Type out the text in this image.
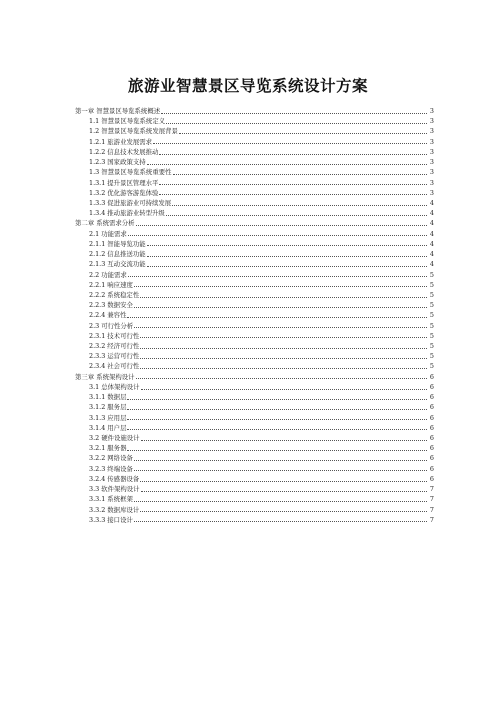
旅游业智慧景区导览系统设计方案
第一章 智慧景区导览系统概述	3
1.1 智慧景区导览系统定义	3
1.2 智慧景区导览系统发展背景	3
1.2.1 旅游业发展需求	3
1.2.2 信息技术发展推动	3
1.2.3 国家政策支持	3
1.3 智慧景区导览系统重要性	3
1.3.1 提升景区管理水平	3
1.3.2 优化游客游览体验	3
1.3.3 促进旅游业可持续发展	4
1.3.4 推动旅游业转型升级	4
第二章 系统需求分析	4
2.1 功能需求	4
2.1.1 智能导览功能	4
2.1.2 信息推送功能	4
2.1.3 互动交流功能	4
2.2 功能需求	5
2.2.1 响应速度	5
2.2.2 系统稳定性	5
2.2.3 数据安全	5
2.2.4 兼容性	5
2.3 可行性分析	5
2.3.1 技术可行性	5
2.3.2 经济可行性	5
2.3.3 运营可行性	5
2.3.4 社会可行性	5
第三章 系统架构设计	6
3.1 总体架构设计	6
3.1.1 数据层	6
3.1.2 服务层	6
3.1.3 应用层	6
3.1.4 用户层	6
3.2 硬件设施设计	6
3.2.1 服务器	6
3.2.2 网络设备	6
3.2.3 终端设备	6
3.2.4 传感器设备	6
3.3 软件架构设计	7
3.3.1 系统框架	7
3.3.2 数据库设计	7
3.3.3 接口设计	7
